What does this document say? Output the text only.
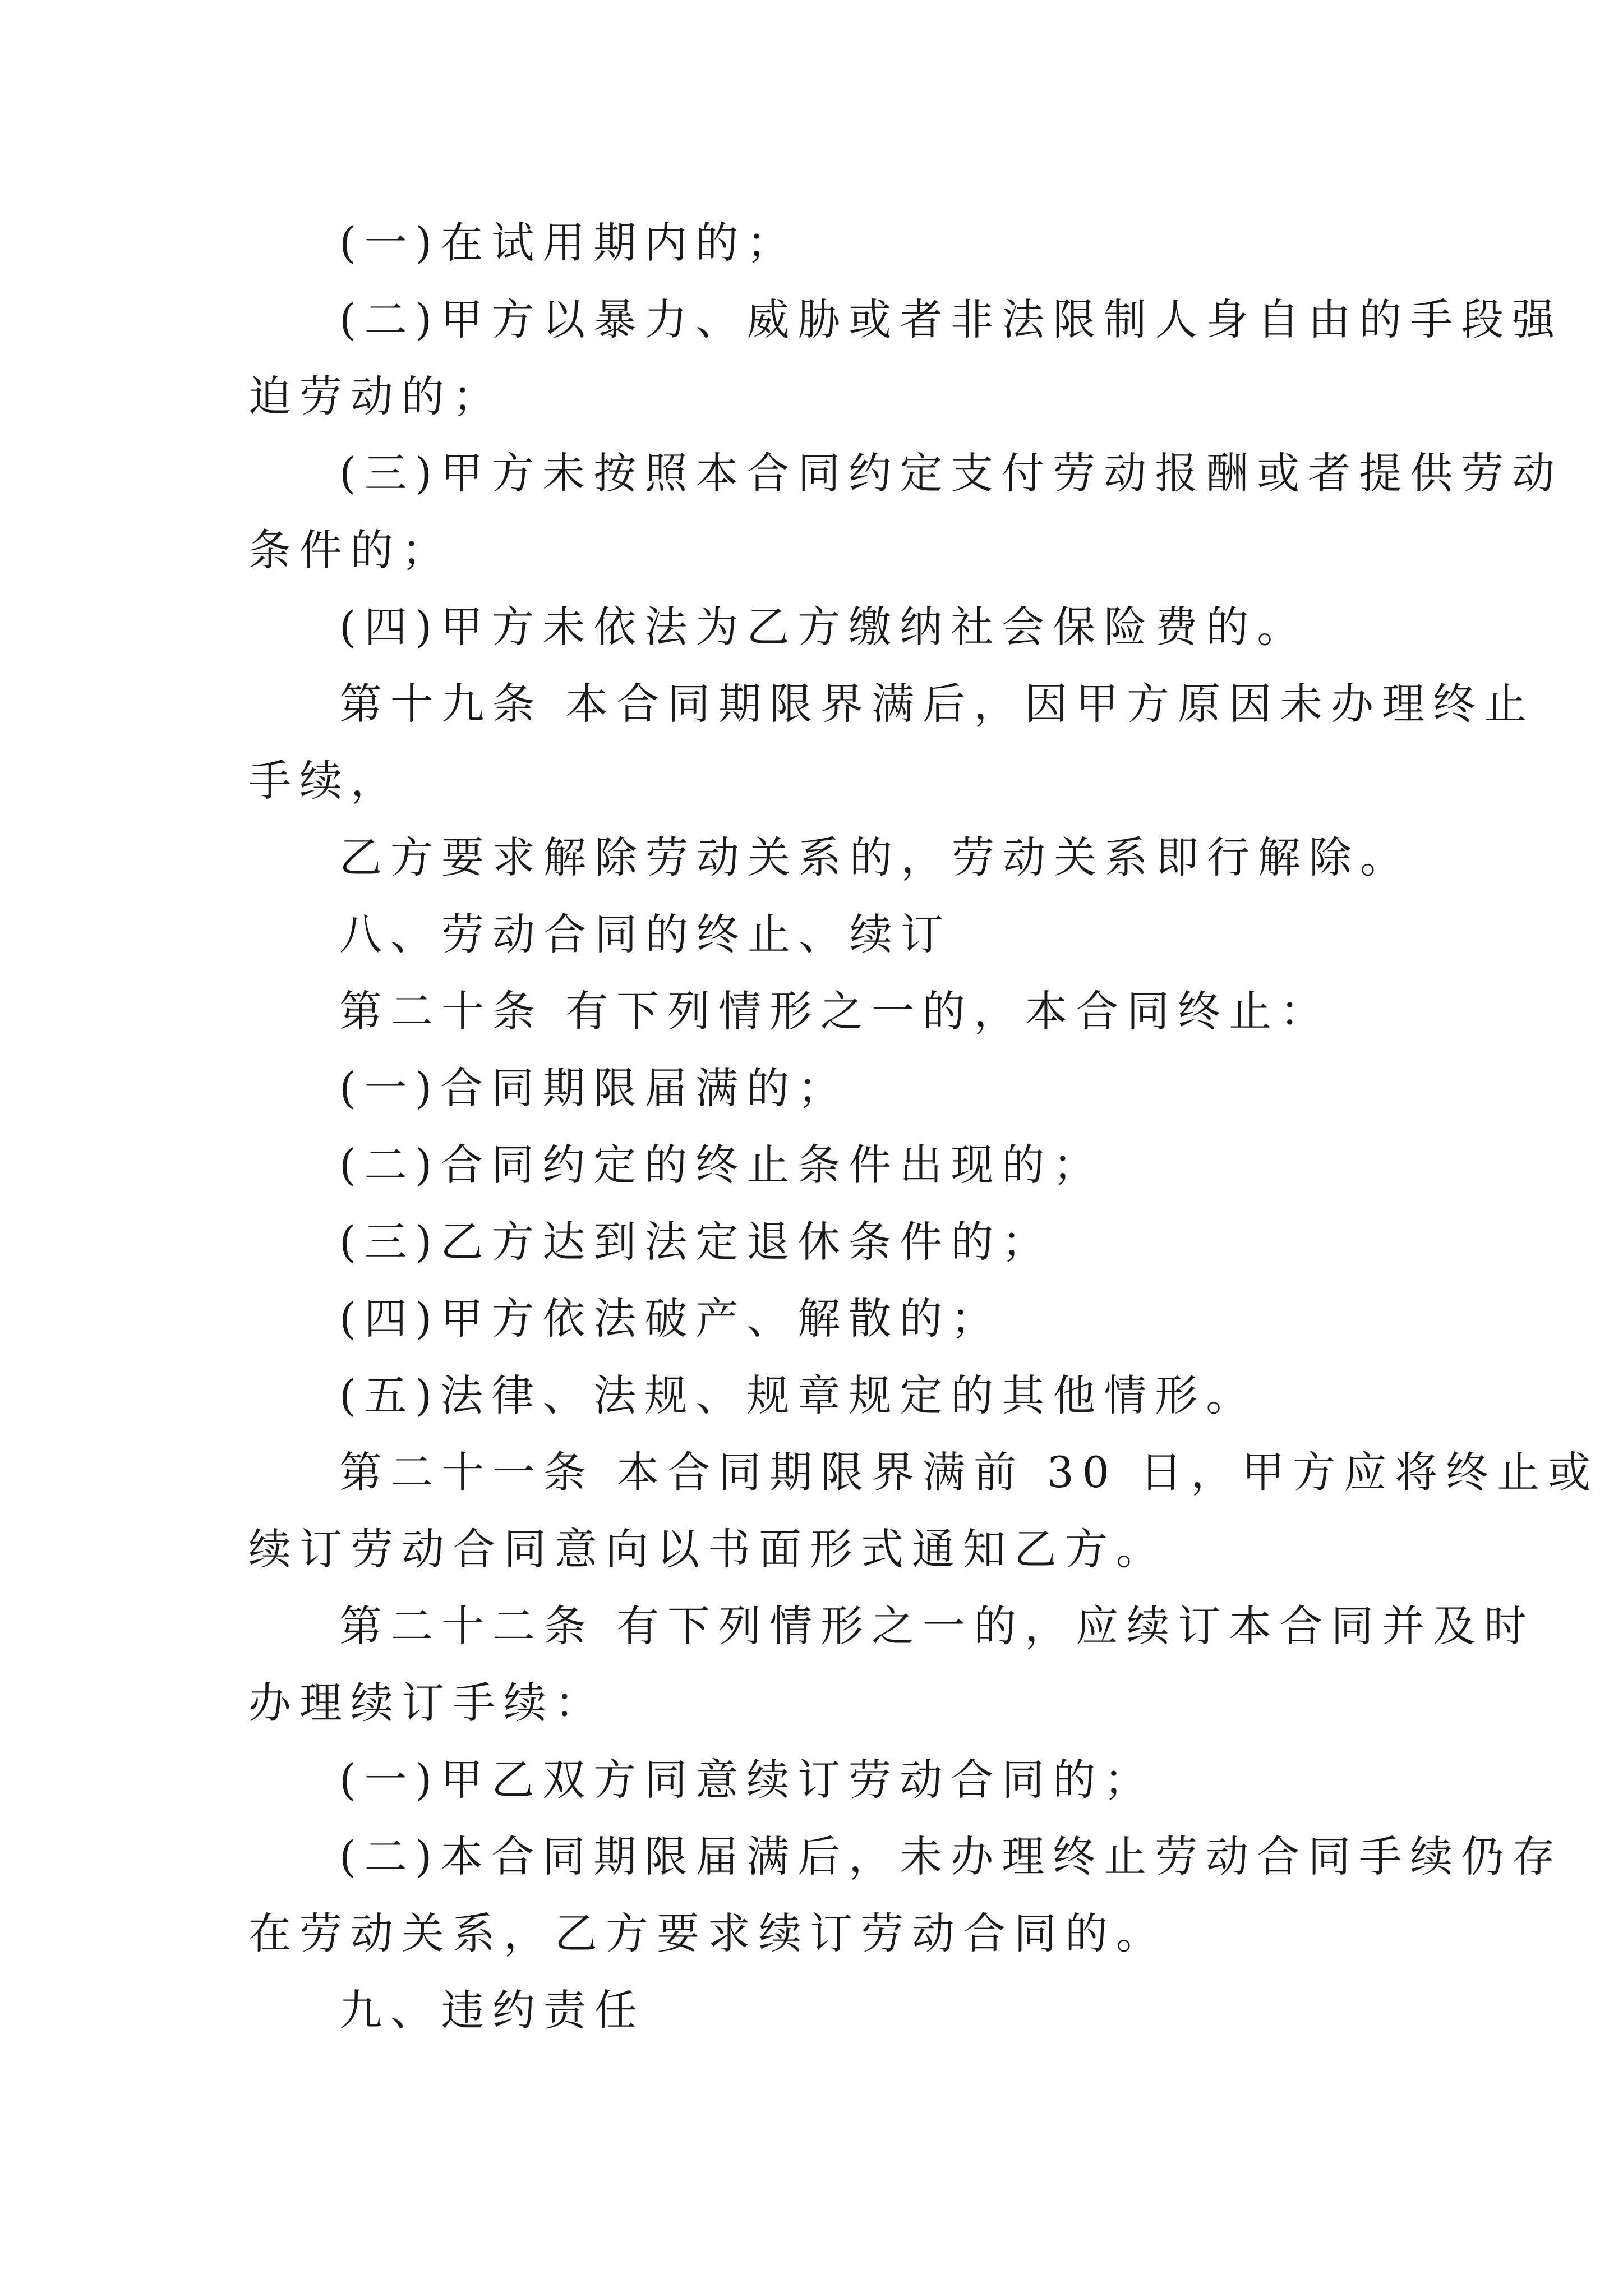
(一)在试用期内的；

(二)甲方以暴力、威胁或者非法限制人身自由的手段强

迫劳动的；

(三)甲方未按照本合同约定支付劳动报酬或者提供劳动

条件的；

(四)甲方未依法为乙方缴纳社会保险费的。

第十九条 本合同期限界满后，因甲方原因未办理终止

手续，

乙方要求解除劳动关系的，劳动关系即行解除。

八、劳动合同的终止、续订

第二十条 有下列情形之一的，本合同终止：

(一)合同期限届满的；

(二)合同约定的终止条件出现的；

(三)乙方达到法定退休条件的；

(四)甲方依法破产、解散的；

(五)法律、法规、规章规定的其他情形。

第二十一条 本合同期限界满前 30 日，甲方应将终止或

续订劳动合同意向以书面形式通知乙方。

第二十二条 有下列情形之一的，应续订本合同并及时

办理续订手续：

(一)甲乙双方同意续订劳动合同的；

(二)本合同期限届满后，未办理终止劳动合同手续仍存

在劳动关系，乙方要求续订劳动合同的。

九、违约责任
